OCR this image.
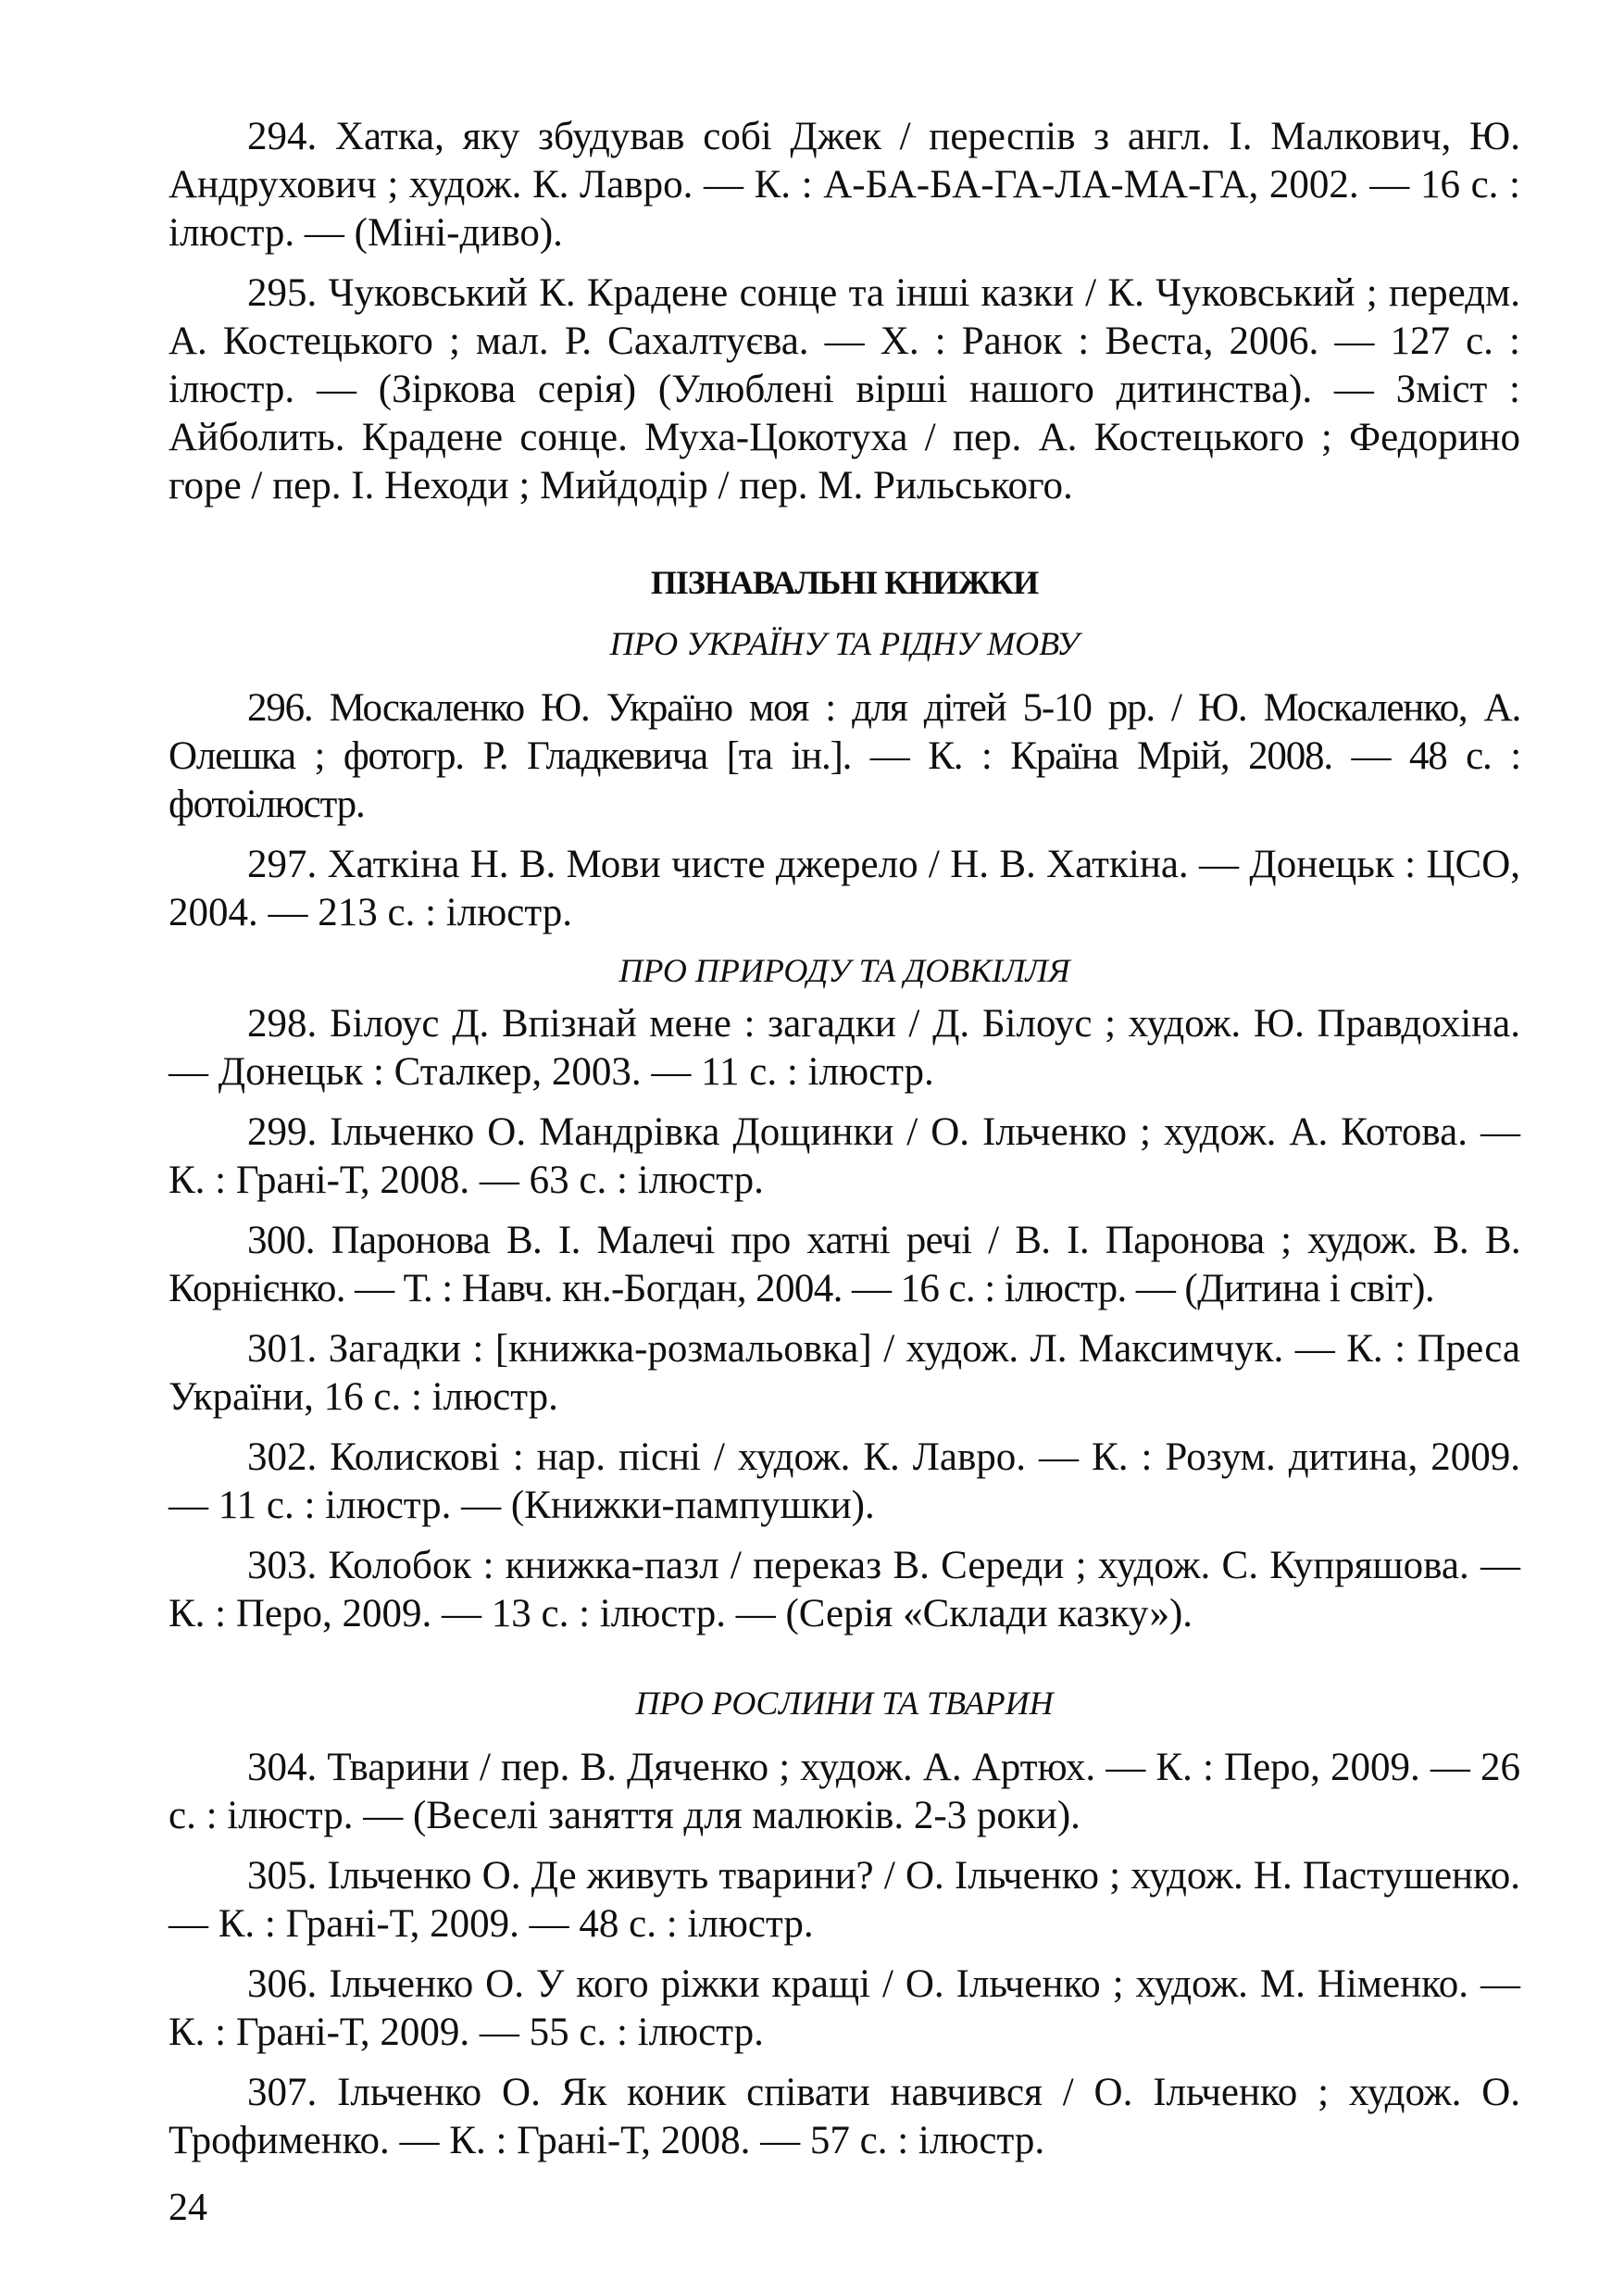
294. Хатка, яку збудував собі Джек / переспів з англ. І. Малкович, Ю. Андрухович ; худож. К. Лавро. — К. : А-БА-БА-ГА-ЛА-МА-ГА, 2002. — 16 с. : ілюстр. — (Міні-диво).

295. Чуковський К. Крадене сонце та інші казки / К. Чуковський ; передм. А. Костецького ; мал. Р. Сахалтуєва. — Х. : Ранок : Веста, 2006. — 127 с. : ілюстр. — (Зіркова серія) (Улюблені вірші нашого дитинства). — Зміст : Айболить. Крадене сонце. Муха-Цокотуха / пер. А. Костецького ; Федорино горе / пер. І. Неходи ; Мийдодір / пер. М. Рильського.

ПІЗНАВАЛЬНІ КНИЖКИ

ПРО УКРАЇНУ ТА РІДНУ МОВУ

296. Москаленко Ю. Україно моя : для дітей 5-10 рр. / Ю. Москаленко, А. Олешка ; фотогр. Р. Гладкевича [та ін.]. — К. : Країна Мрій, 2008. — 48 с. : фотоілюстр.

297. Хаткіна Н. В. Мови чисте джерело / Н. В. Хаткіна. — Донецьк : ЦСО, 2004. — 213 с. : ілюстр.

ПРО ПРИРОДУ ТА ДОВКІЛЛЯ

298. Білоус Д. Впізнай мене : загадки / Д. Білоус ; худож. Ю. Правдохіна. — Донецьк : Сталкер, 2003. — 11 с. : ілюстр.

299. Ільченко О. Мандрівка Дощинки / О. Ільченко ; худож. А. Котова. — К. : Грані-Т, 2008. — 63 с. : ілюстр.

300. Паронова В. І. Малечі про хатні речі / В. І. Паронова ; худож. В. В. Корнієнко. — Т. : Навч. кн.-Богдан, 2004. — 16 с. : ілюстр. — (Дитина і світ).

301. Загадки : [книжка-розмальовка] / худож. Л. Максимчук. — К. : Преса України, 16 с. : ілюстр.

302. Колискові : нар. пісні / худож. К. Лавро. — К. : Розум. дитина, 2009. — 11 с. : ілюстр. — (Книжки-пампушки).

303. Колобок : книжка-пазл / переказ В. Середи ; худож. С. Купряшова. — К. : Перо, 2009. — 13 с. : ілюстр. — (Серія «Склади казку»).

ПРО РОСЛИНИ ТА ТВАРИН

304. Тварини / пер. В. Дяченко ; худож. А. Артюх. — К. : Перо, 2009. — 26 с. : ілюстр. — (Веселі заняття для малюків. 2-3 роки).

305. Ільченко О. Де живуть тварини? / О. Ільченко ; худож. Н. Пастушенко. — К. : Грані-Т, 2009. — 48 с. : ілюстр.

306. Ільченко О. У кого ріжки кращі / О. Ільченко ; худож. М. Німенко. — К. : Грані-Т, 2009. — 55 с. : ілюстр.

307. Ільченко О. Як коник співати навчився / О. Ільченко ; худож. О. Трофименко. — К. : Грані-Т, 2008. — 57 с. : ілюстр.

24
